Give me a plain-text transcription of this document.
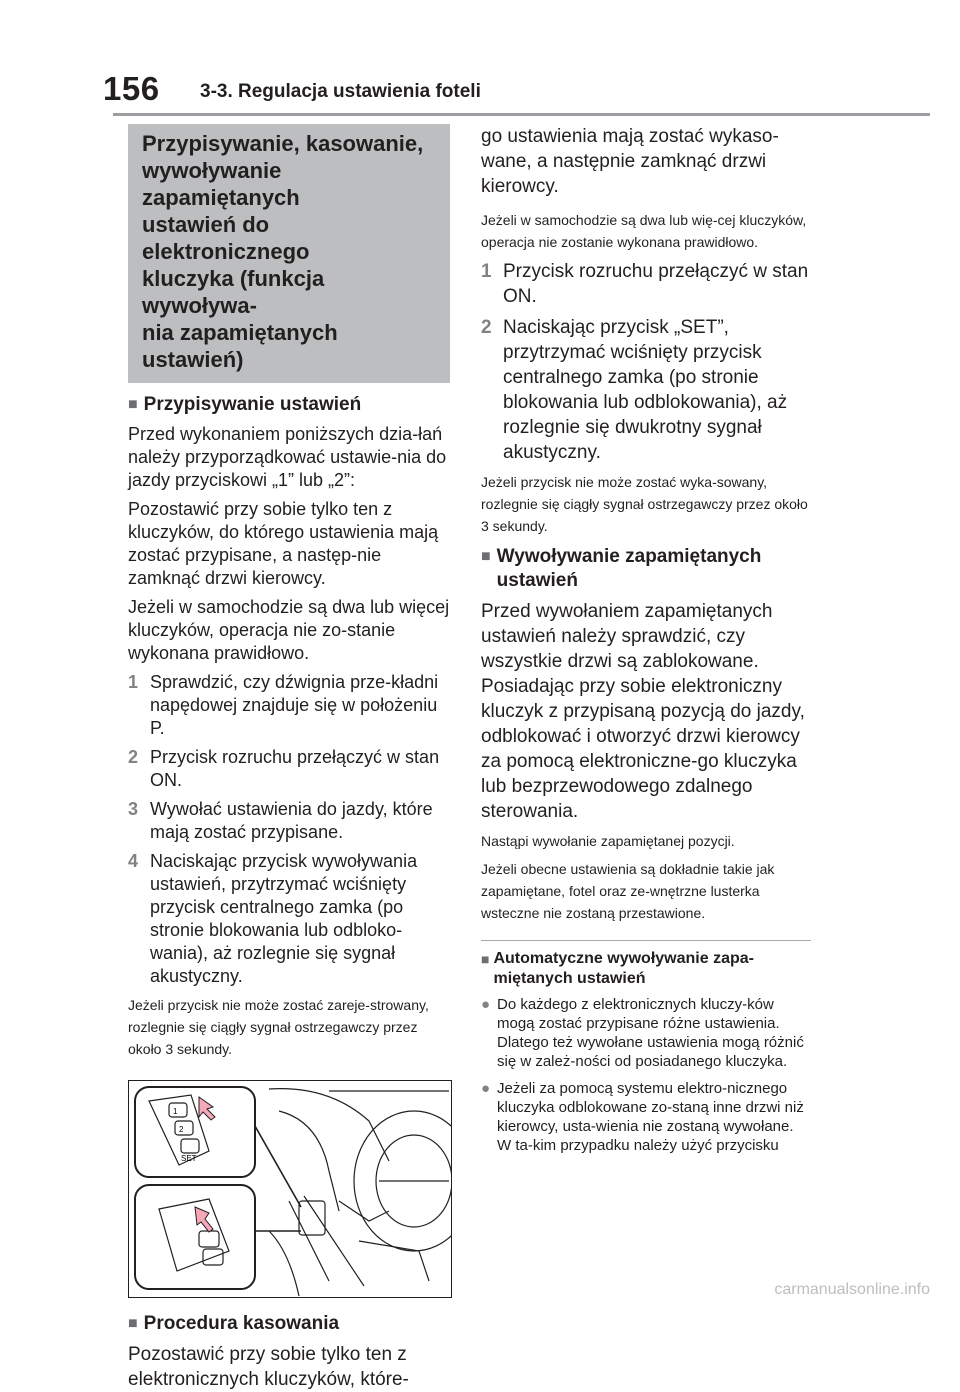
156 3-3. Regulacja ustawienia foteli
Przypisywanie, kasowanie,
wywoływanie zapamiętanych
ustawień do elektronicznego
kluczyka (funkcja wywoływa-
nia zapamiętanych ustawień)
■ Przypisywanie ustawień

Przed wykonaniem poniższych dzia-łań należy przyporządkować ustawie-nia do jazdy przyciskowi „1” lub „2”:

Pozostawić przy sobie tylko ten z kluczyków, do którego ustawienia mają zostać przypisane, a następ-nie zamknąć drzwi kierowcy.

Jeżeli w samochodzie są dwa lub więcej kluczyków, operacja nie zo-stanie wykonana prawidłowo.

1 Sprawdzić, czy dźwignia prze-kładni napędowej znajduje się w położeniu P.
2 Przycisk rozruchu przełączyć w stan ON.
3 Wywołać ustawienia do jazdy, które mają zostać przypisane.
4 Naciskając przycisk wywoływania ustawień, przytrzymać wciśnięty przycisk centralnego zamka (po stronie blokowania lub odbloko-wania), aż rozlegnie się sygnał akustyczny.

Jeżeli przycisk nie może zostać zareje-strowany, rozlegnie się ciągły sygnał ostrzegawczy przez około 3 sekundy.

1
2
SET
■ Procedura kasowania

Pozostawić przy sobie tylko ten z elektronicznych kluczyków, które-

go ustawienia mają zostać wykaso-wane, a następnie zamknąć drzwi kierowcy.

Jeżeli w samochodzie są dwa lub wię-cej kluczyków, operacja nie zostanie wykonana prawidłowo.

1 Przycisk rozruchu przełączyć w stan ON.
2 Naciskając przycisk „SET”, przytrzymać wciśnięty przycisk centralnego zamka (po stronie blokowania lub odblokowania), aż rozlegnie się dwukrotny sygnał akustyczny.

Jeżeli przycisk nie może zostać wyka-sowany, rozlegnie się ciągły sygnał ostrzegawczy przez około 3 sekundy.

■ Wywoływanie zapamiętanych
ustawień

Przed wywołaniem zapamiętanych ustawień należy sprawdzić, czy wszystkie drzwi są zablokowane. Posiadając przy sobie elektroniczny kluczyk z przypisaną pozycją do jazdy, odblokować i otworzyć drzwi kierowcy za pomocą elektroniczne-go kluczyka lub bezprzewodowego zdalnego sterowania.

Nastąpi wywołanie zapamiętanej pozycji.

Jeżeli obecne ustawienia są dokładnie takie jak zapamiętane, fotel oraz ze-wnętrzne lusterka wsteczne nie zostaną przestawione.

■ Automatyczne wywoływanie zapa-
miętanych ustawień
● Do każdego z elektronicznych kluczy-ków mogą zostać przypisane różne ustawienia. Dlatego też wywołane ustawienia mogą różnić się w zależ-ności od posiadanego kluczyka.
● Jeżeli za pomocą systemu elektro-nicznego kluczyka odblokowane zo-staną inne drzwi niż kierowcy, usta-wienia nie zostaną wywołane. W ta-kim przypadku należy użyć przycisku
carmanualsonline.info
